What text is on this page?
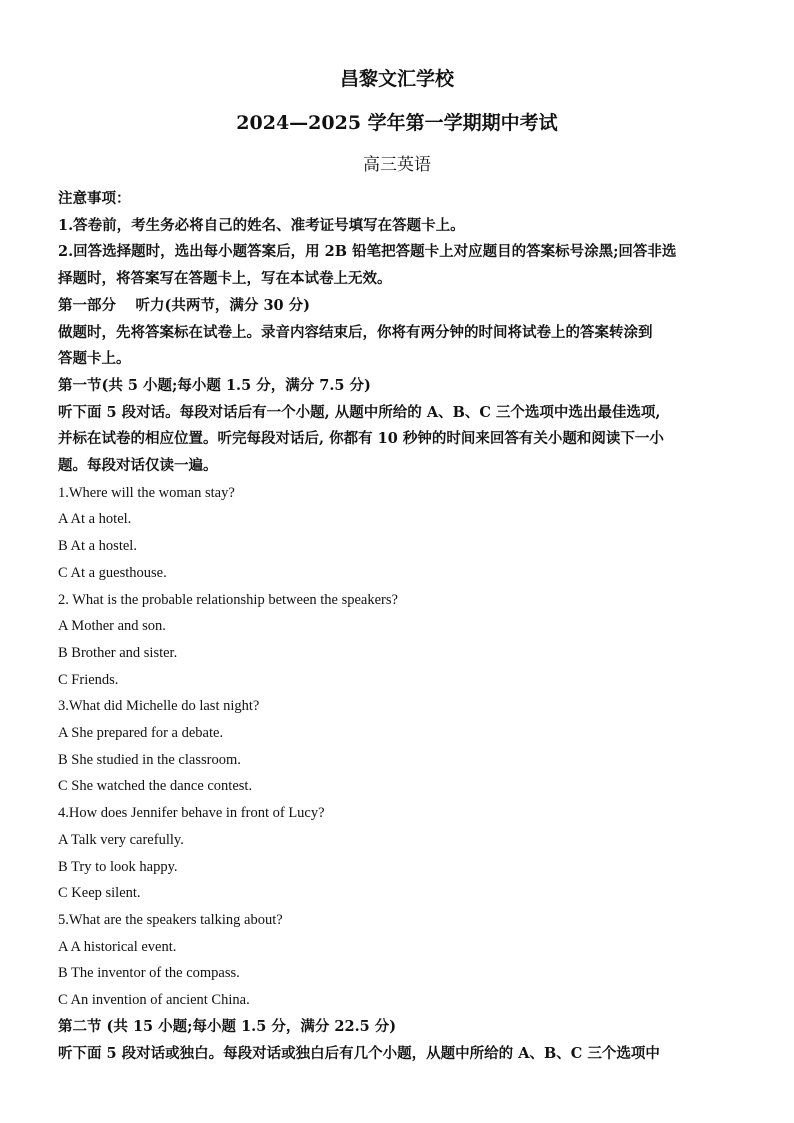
昌黎文汇学校
2024—2025 学年第一学期期中考试
高三英语
注意事项：
1.答卷前，考生务必将自己的姓名、准考证号填写在答题卡上。
2.回答选择题时，选出每小题答案后，用 2B 铅笔把答题卡上对应题目的答案标号涂黑;回答非选
择题时，将答案写在答题卡上，写在本试卷上无效。
第一部分　 听力(共两节，满分 30 分)
做题时，先将答案标在试卷上。录音内容结束后，你将有两分钟的时间将试卷上的答案转涂到
答题卡上。
第一节(共 5 小题;每小题 1.5 分，满分 7.5 分)
听下面 5 段对话。每段对话后有一个小题, 从题中所给的 A、B、C 三个选项中选出最佳选项,
并标在试卷的相应位置。听完每段对话后, 你都有 10 秒钟的时间来回答有关小题和阅读下一小
题。每段对话仅读一遍。
1.Where will the woman stay?
A At a hotel.
B At a hostel.
C At a guesthouse.
2. What is the probable relationship between the speakers?
A Mother and son.
B Brother and sister.
C Friends.
3.What did Michelle do last night?
A She prepared for a debate.
B She studied in the classroom.
C She watched the dance contest.
4.How does Jennifer behave in front of Lucy?
A Talk very carefully.
B Try to look happy.
C Keep silent.
5.What are the speakers talking about?
A A historical event.
B The inventor of the compass.
C An invention of ancient China.
第二节 (共 15 小题;每小题 1.5 分，满分 22.5 分)
听下面 5 段对话或独白。每段对话或独白后有几个小题，从题中所给的 A、B、C 三个选项中
